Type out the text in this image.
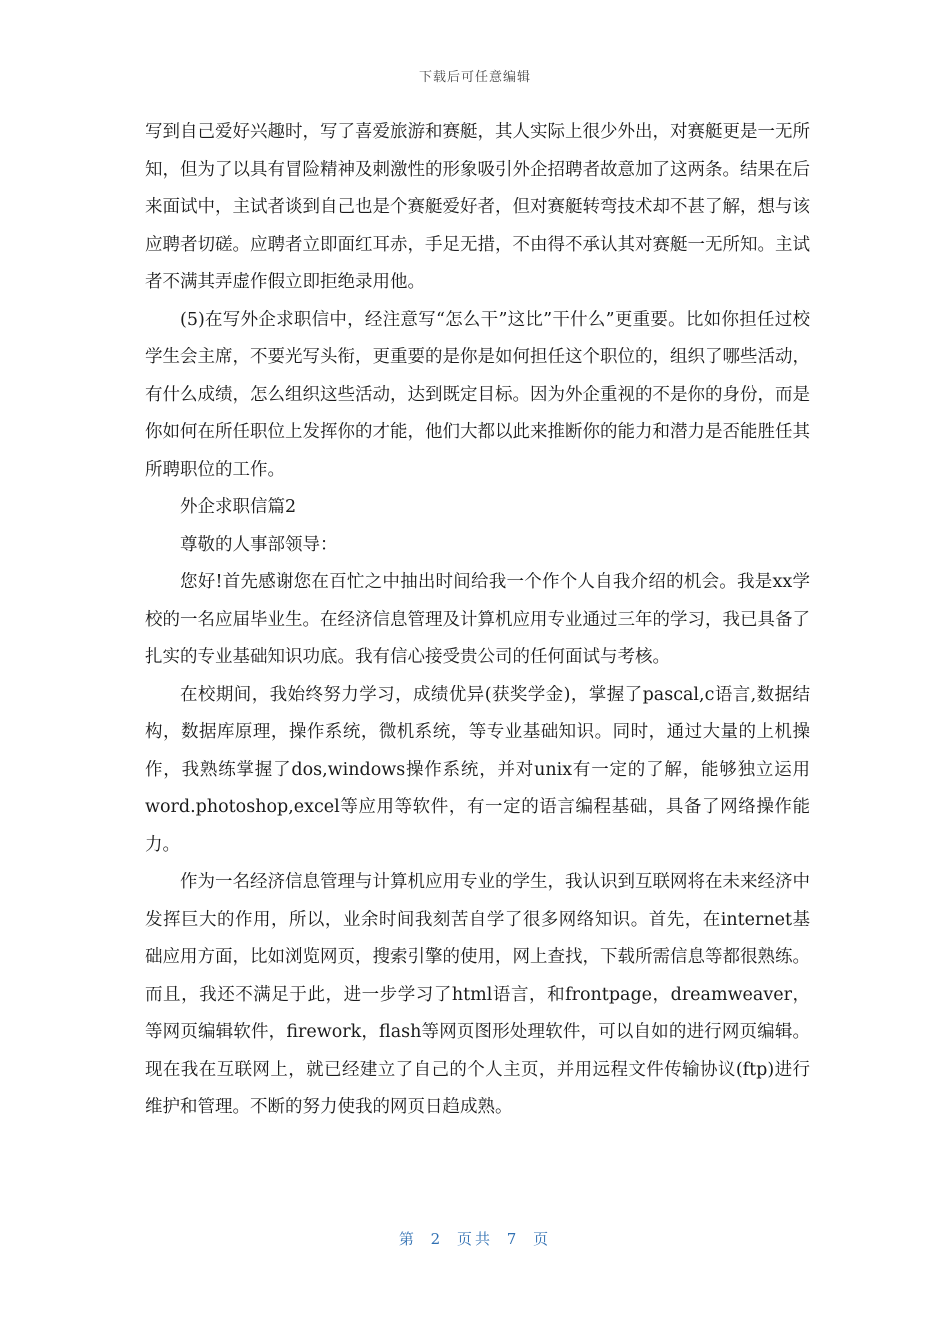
下载后可任意编辑

写到自己爱好兴趣时，写了喜爱旅游和赛艇，其人实际上很少外出，对赛艇更是一无所知，但为了以具有冒险精神及刺激性的形象吸引外企招聘者故意加了这两条。结果在后来面试中，主试者谈到自己也是个赛艇爱好者，但对赛艇转弯技术却不甚了解，想与该应聘者切磋。应聘者立即面红耳赤，手足无措，不由得不承认其对赛艇一无所知。主试者不满其弄虚作假立即拒绝录用他。

(5)在写外企求职信中，经注意写“怎么干”这比”干什么”更重要。比如你担任过校学生会主席，不要光写头衔，更重要的是你是如何担任这个职位的，组织了哪些活动，有什么成绩，怎么组织这些活动，达到既定目标。因为外企重视的不是你的身份，而是你如何在所任职位上发挥你的才能，他们大都以此来推断你的能力和潜力是否能胜任其所聘职位的工作。

外企求职信篇2

尊敬的人事部领导：

您好!首先感谢您在百忙之中抽出时间给我一个作个人自我介绍的机会。我是xx学校的一名应届毕业生。在经济信息管理及计算机应用专业通过三年的学习，我已具备了扎实的专业基础知识功底。我有信心接受贵公司的任何面试与考核。

在校期间，我始终努力学习，成绩优异(获奖学金)，掌握了pascal,c语言,数据结构，数据库原理，操作系统，微机系统，等专业基础知识。同时，通过大量的上机操作，我熟练掌握了dos,windows操作系统，并对unix有一定的了解，能够独立运用word.photoshop,excel等应用等软件，有一定的语言编程基础，具备了网络操作能力。

作为一名经济信息管理与计算机应用专业的学生，我认识到互联网将在未来经济中发挥巨大的作用，所以，业余时间我刻苦自学了很多网络知识。首先，在internet基础应用方面，比如浏览网页，搜索引擎的使用，网上查找，下载所需信息等都很熟练。而且，我还不满足于此，进一步学习了html语言，和frontpage，dreamweaver，等网页编辑软件，firework，flash等网页图形处理软件，可以自如的进行网页编辑。现在我在互联网上，就已经建立了自己的个人主页，并用远程文件传输协议(ftp)进行维护和管理。不断的努力使我的网页日趋成熟。

第 2 页共 7 页
